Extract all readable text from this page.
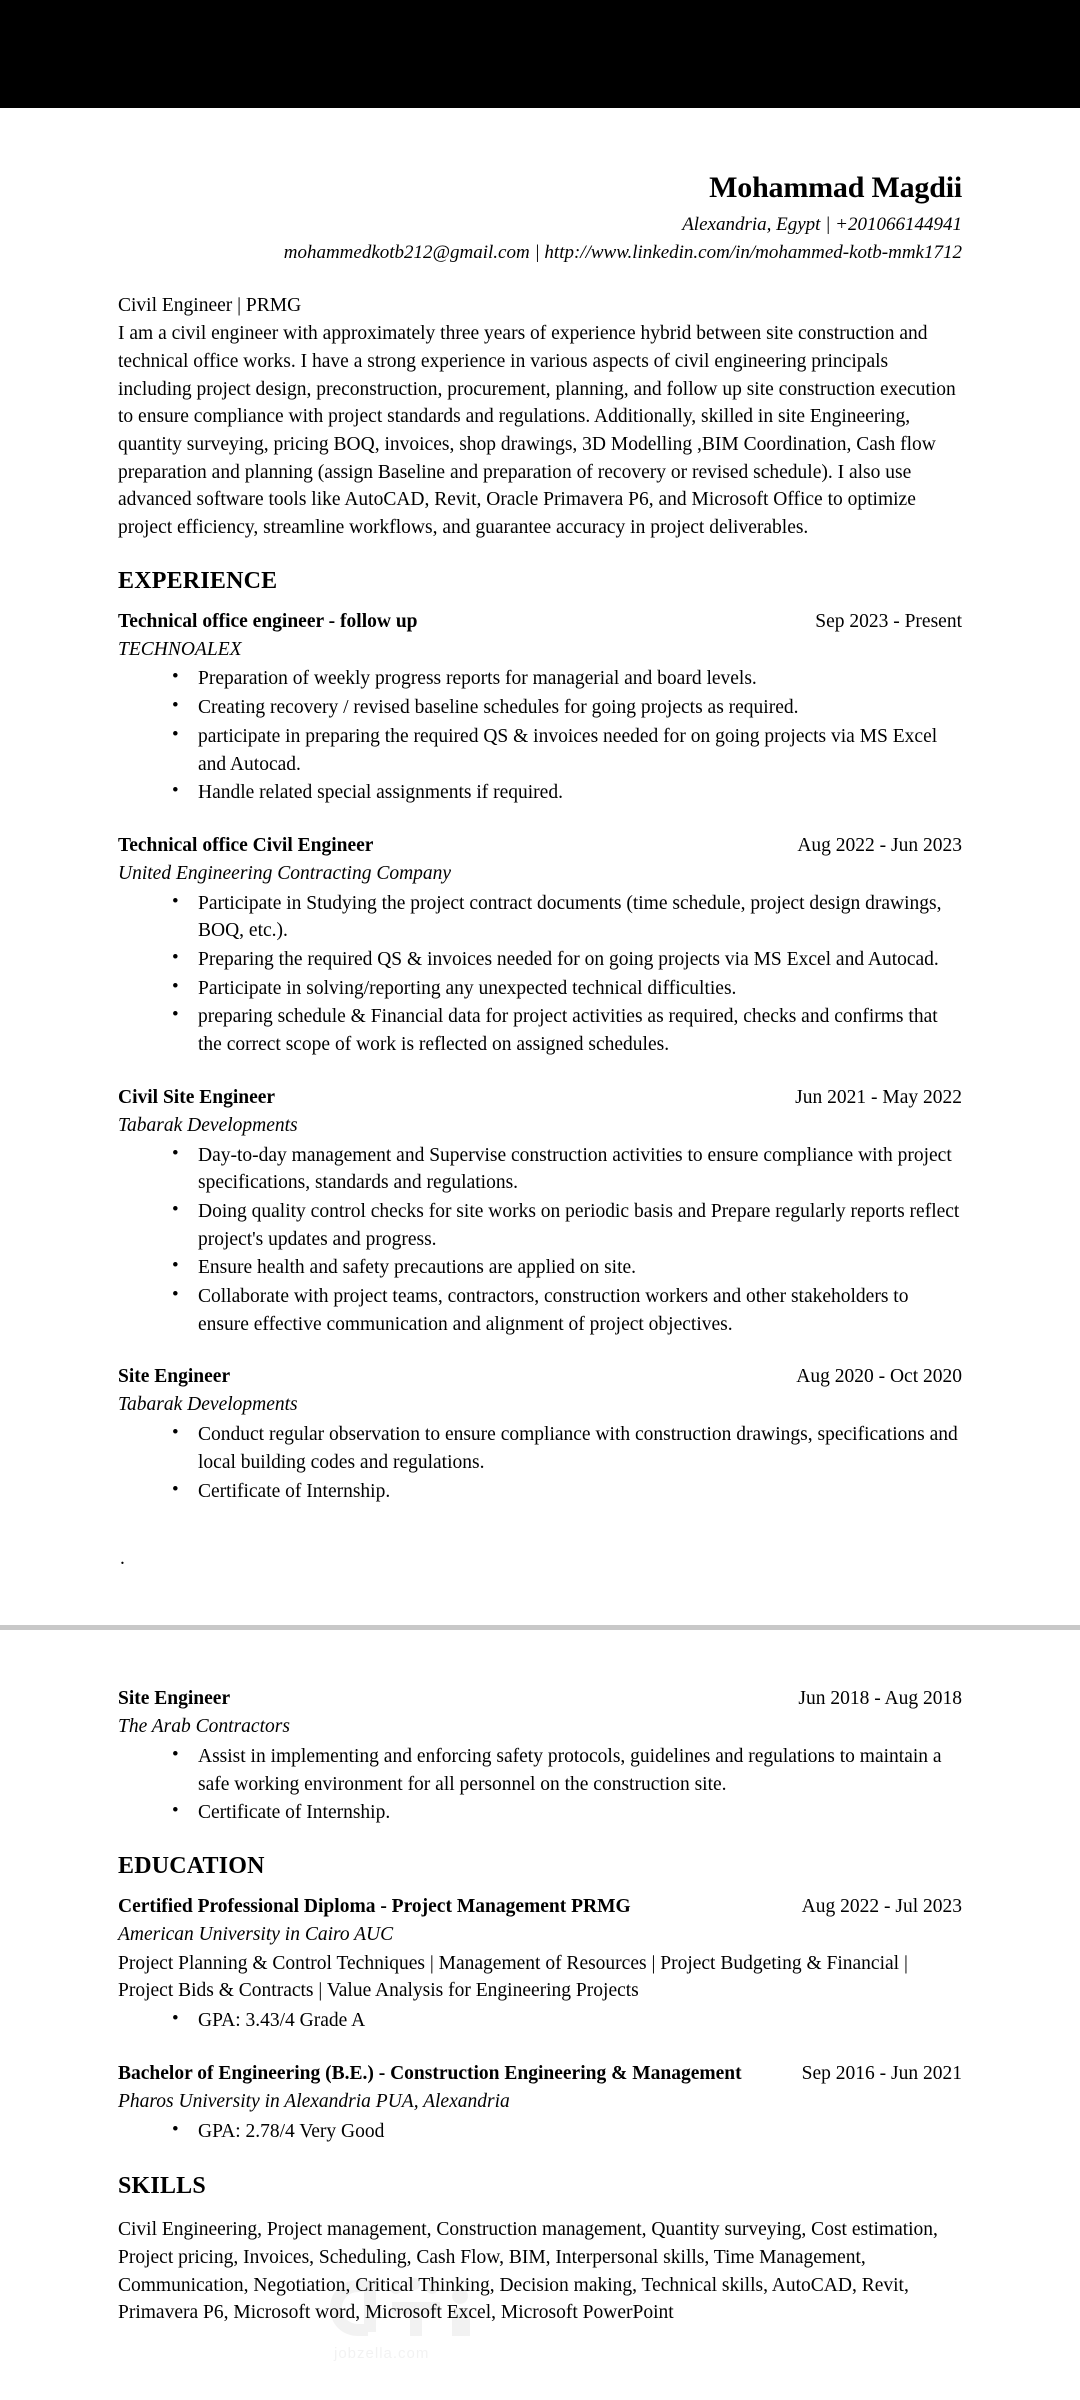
Mohammad Magdii
Alexandria, Egypt | +201066144941
mohammedkotb212@gmail.com | http://www.linkedin.com/in/mohammed-kotb-mmk1712
Civil Engineer | PRMG
I am a civil engineer with approximately three years of experience hybrid between site construction and technical office works. I have a strong experience in various aspects of civil engineering principals including project design, preconstruction, procurement, planning, and follow up site construction execution to ensure compliance with project standards and regulations. Additionally, skilled in site Engineering, quantity surveying, pricing BOQ, invoices, shop drawings, 3D Modelling ,BIM Coordination, Cash flow preparation and planning (assign Baseline and preparation of recovery or revised schedule). I also use advanced software tools like AutoCAD, Revit, Oracle Primavera P6, and Microsoft Office to optimize project efficiency, streamline workflows, and guarantee accuracy in project deliverables.
EXPERIENCE
Technical office engineer - follow up	Sep 2023 - Present
TECHNOALEX
• Preparation of weekly progress reports for managerial and board levels.
• Creating recovery / revised baseline schedules for going projects as required.
• participate in preparing the required QS & invoices needed for on going projects via MS Excel and Autocad.
• Handle related special assignments if required.
Technical office Civil Engineer	Aug 2022 - Jun 2023
United Engineering Contracting Company
• Participate in Studying the project contract documents (time schedule, project design drawings, BOQ, etc.).
• Preparing the required QS & invoices needed for on going projects via MS Excel and Autocad.
• Participate in solving/reporting any unexpected technical difficulties.
• preparing schedule & Financial data for project activities as required, checks and confirms that the correct scope of work is reflected on assigned schedules.
Civil Site Engineer	Jun 2021 - May 2022
Tabarak Developments
• Day-to-day management and Supervise construction activities to ensure compliance with project specifications, standards and regulations.
• Doing quality control checks for site works on periodic basis and Prepare regularly reports reflect project's updates and progress.
• Ensure health and safety precautions are applied on site.
• Collaborate with project teams, contractors, construction workers and other stakeholders to ensure effective communication and alignment of project objectives.
Site Engineer	Aug 2020 - Oct 2020
Tabarak Developments
• Conduct regular observation to ensure compliance with construction drawings, specifications and local building codes and regulations.
• Certificate of Internship.
.
Site Engineer	Jun 2018 - Aug 2018
The Arab Contractors
• Assist in implementing and enforcing safety protocols, guidelines and regulations to maintain a safe working environment for all personnel on the construction site.
• Certificate of Internship.
EDUCATION
Certified Professional Diploma - Project Management PRMG	Aug 2022 - Jul 2023
American University in Cairo AUC
Project Planning & Control Techniques | Management of Resources | Project Budgeting & Financial | Project Bids & Contracts | Value Analysis for Engineering Projects
• GPA: 3.43/4 Grade A
Bachelor of Engineering (B.E.) - Construction Engineering & Management	Sep 2016 - Jun 2021
Pharos University in Alexandria PUA, Alexandria
• GPA: 2.78/4 Very Good
SKILLS
Civil Engineering, Project management, Construction management, Quantity surveying, Cost estimation, Project pricing, Invoices, Scheduling, Cash Flow, BIM, Interpersonal skills, Time Management, Communication, Negotiation, Critical Thinking, Decision making, Technical skills, AutoCAD, Revit, Primavera P6, Microsoft word, Microsoft Excel, Microsoft PowerPoint
jobzella.com
